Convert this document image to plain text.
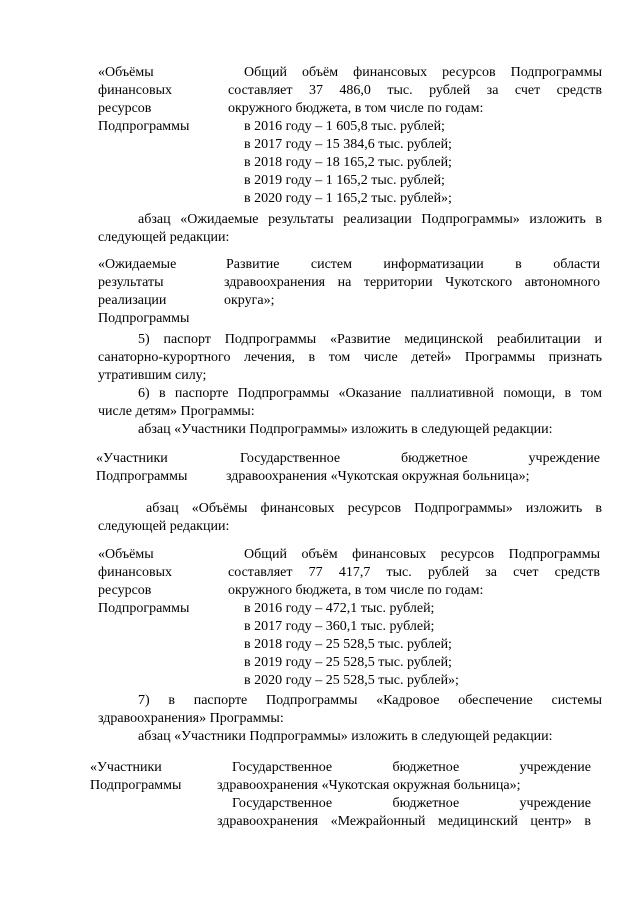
«Объёмы
финансовых
ресурсов
Подпрограммы
Общий объём финансовых ресурсов Подпрограммы
составляет 37 486,0 тыс. рублей за счет средств
окружного бюджета, в том числе по годам:
в 2016 году – 1 605,8 тыс. рублей;
в 2017 году – 15 384,6 тыс. рублей;
в 2018 году – 18 165,2 тыс. рублей;
в 2019 году – 1 165,2 тыс. рублей;
в 2020 году – 1 165,2 тыс. рублей»;
абзац «Ожидаемые результаты реализации Подпрограммы» изложить в
следующей редакции:
«Ожидаемые
результаты
реализации
Подпрограммы
Развитие систем информатизации в области
здравоохранения на территории Чукотского автономного
округа»;
5) паспорт Подпрограммы «Развитие медицинской реабилитации и
санаторно-курортного лечения, в том числе детей» Программы признать
утратившим силу;
6) в паспорте Подпрограммы «Оказание паллиативной помощи, в том
числе детям» Программы:
абзац «Участники Подпрограммы» изложить в следующей редакции:
«Участники
Подпрограммы
Государственное бюджетное учреждение
здравоохранения «Чукотская окружная больница»;
абзац «Объёмы финансовых ресурсов Подпрограммы» изложить в
следующей редакции:
«Объёмы
финансовых
ресурсов
Подпрограммы
Общий объём финансовых ресурсов Подпрограммы
составляет 77 417,7 тыс. рублей за счет средств
окружного бюджета, в том числе по годам:
в 2016 году – 472,1 тыс. рублей;
в 2017 году – 360,1 тыс. рублей;
в 2018 году – 25 528,5 тыс. рублей;
в 2019 году – 25 528,5 тыс. рублей;
в 2020 году – 25 528,5 тыс. рублей»;
7) в паспорте Подпрограммы «Кадровое обеспечение системы
здравоохранения» Программы:
абзац «Участники Подпрограммы» изложить в следующей редакции:
«Участники
Подпрограммы
Государственное бюджетное учреждение
здравоохранения «Чукотская окружная больница»;
Государственное бюджетное учреждение
здравоохранения «Межрайонный медицинский центр» в
